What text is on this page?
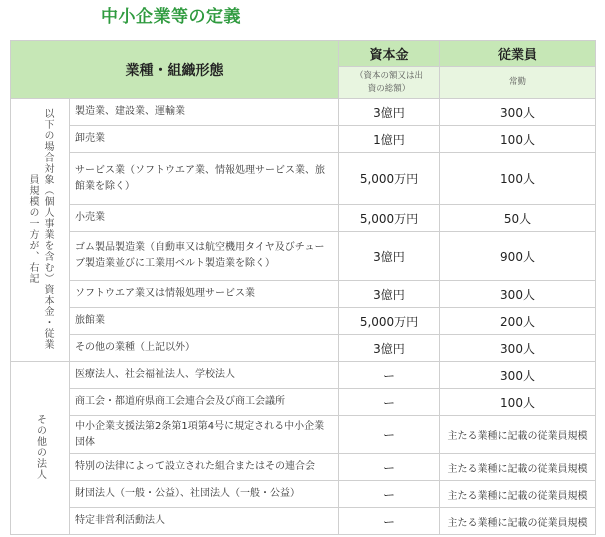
中小企業等の定義
業種・組織形態		資本金	従業員

		（資本の額又は出資の総額）	常勤
以下の場合対象（個人事業を含む）資本金・従業員規模の一方が、右記	製造業、建設業、運輸業	3億円	300人
	卸売業	1億円	100人
	サービス業（ソフトウエア業、情報処理サービス業、旅館業を除く）	5,000万円	100人
	小売業	5,000万円	50人
	ゴム製品製造業（自動車又は航空機用タイヤ及びチューブ製造業並びに工業用ベルト製造業を除く）	3億円	900人
	ソフトウエア業又は情報処理サービス業	3億円	300人
	旅館業	5,000万円	200人
	その他の業種（上記以外）	3億円	300人
その他の法人	医療法人、社会福祉法人、学校法人	ー	300人
	商工会・都道府県商工会連合会及び商工会議所	ー	100人
	中小企業支援法第2条第1項第4号に規定される中小企業団体	ー	主たる業種に記載の従業員規模
	特別の法律によって設立された組合またはその連合会	ー	主たる業種に記載の従業員規模
	財団法人（一般・公益）、社団法人（一般・公益）	ー	主たる業種に記載の従業員規模
	特定非営利活動法人	ー	主たる業種に記載の従業員規模
